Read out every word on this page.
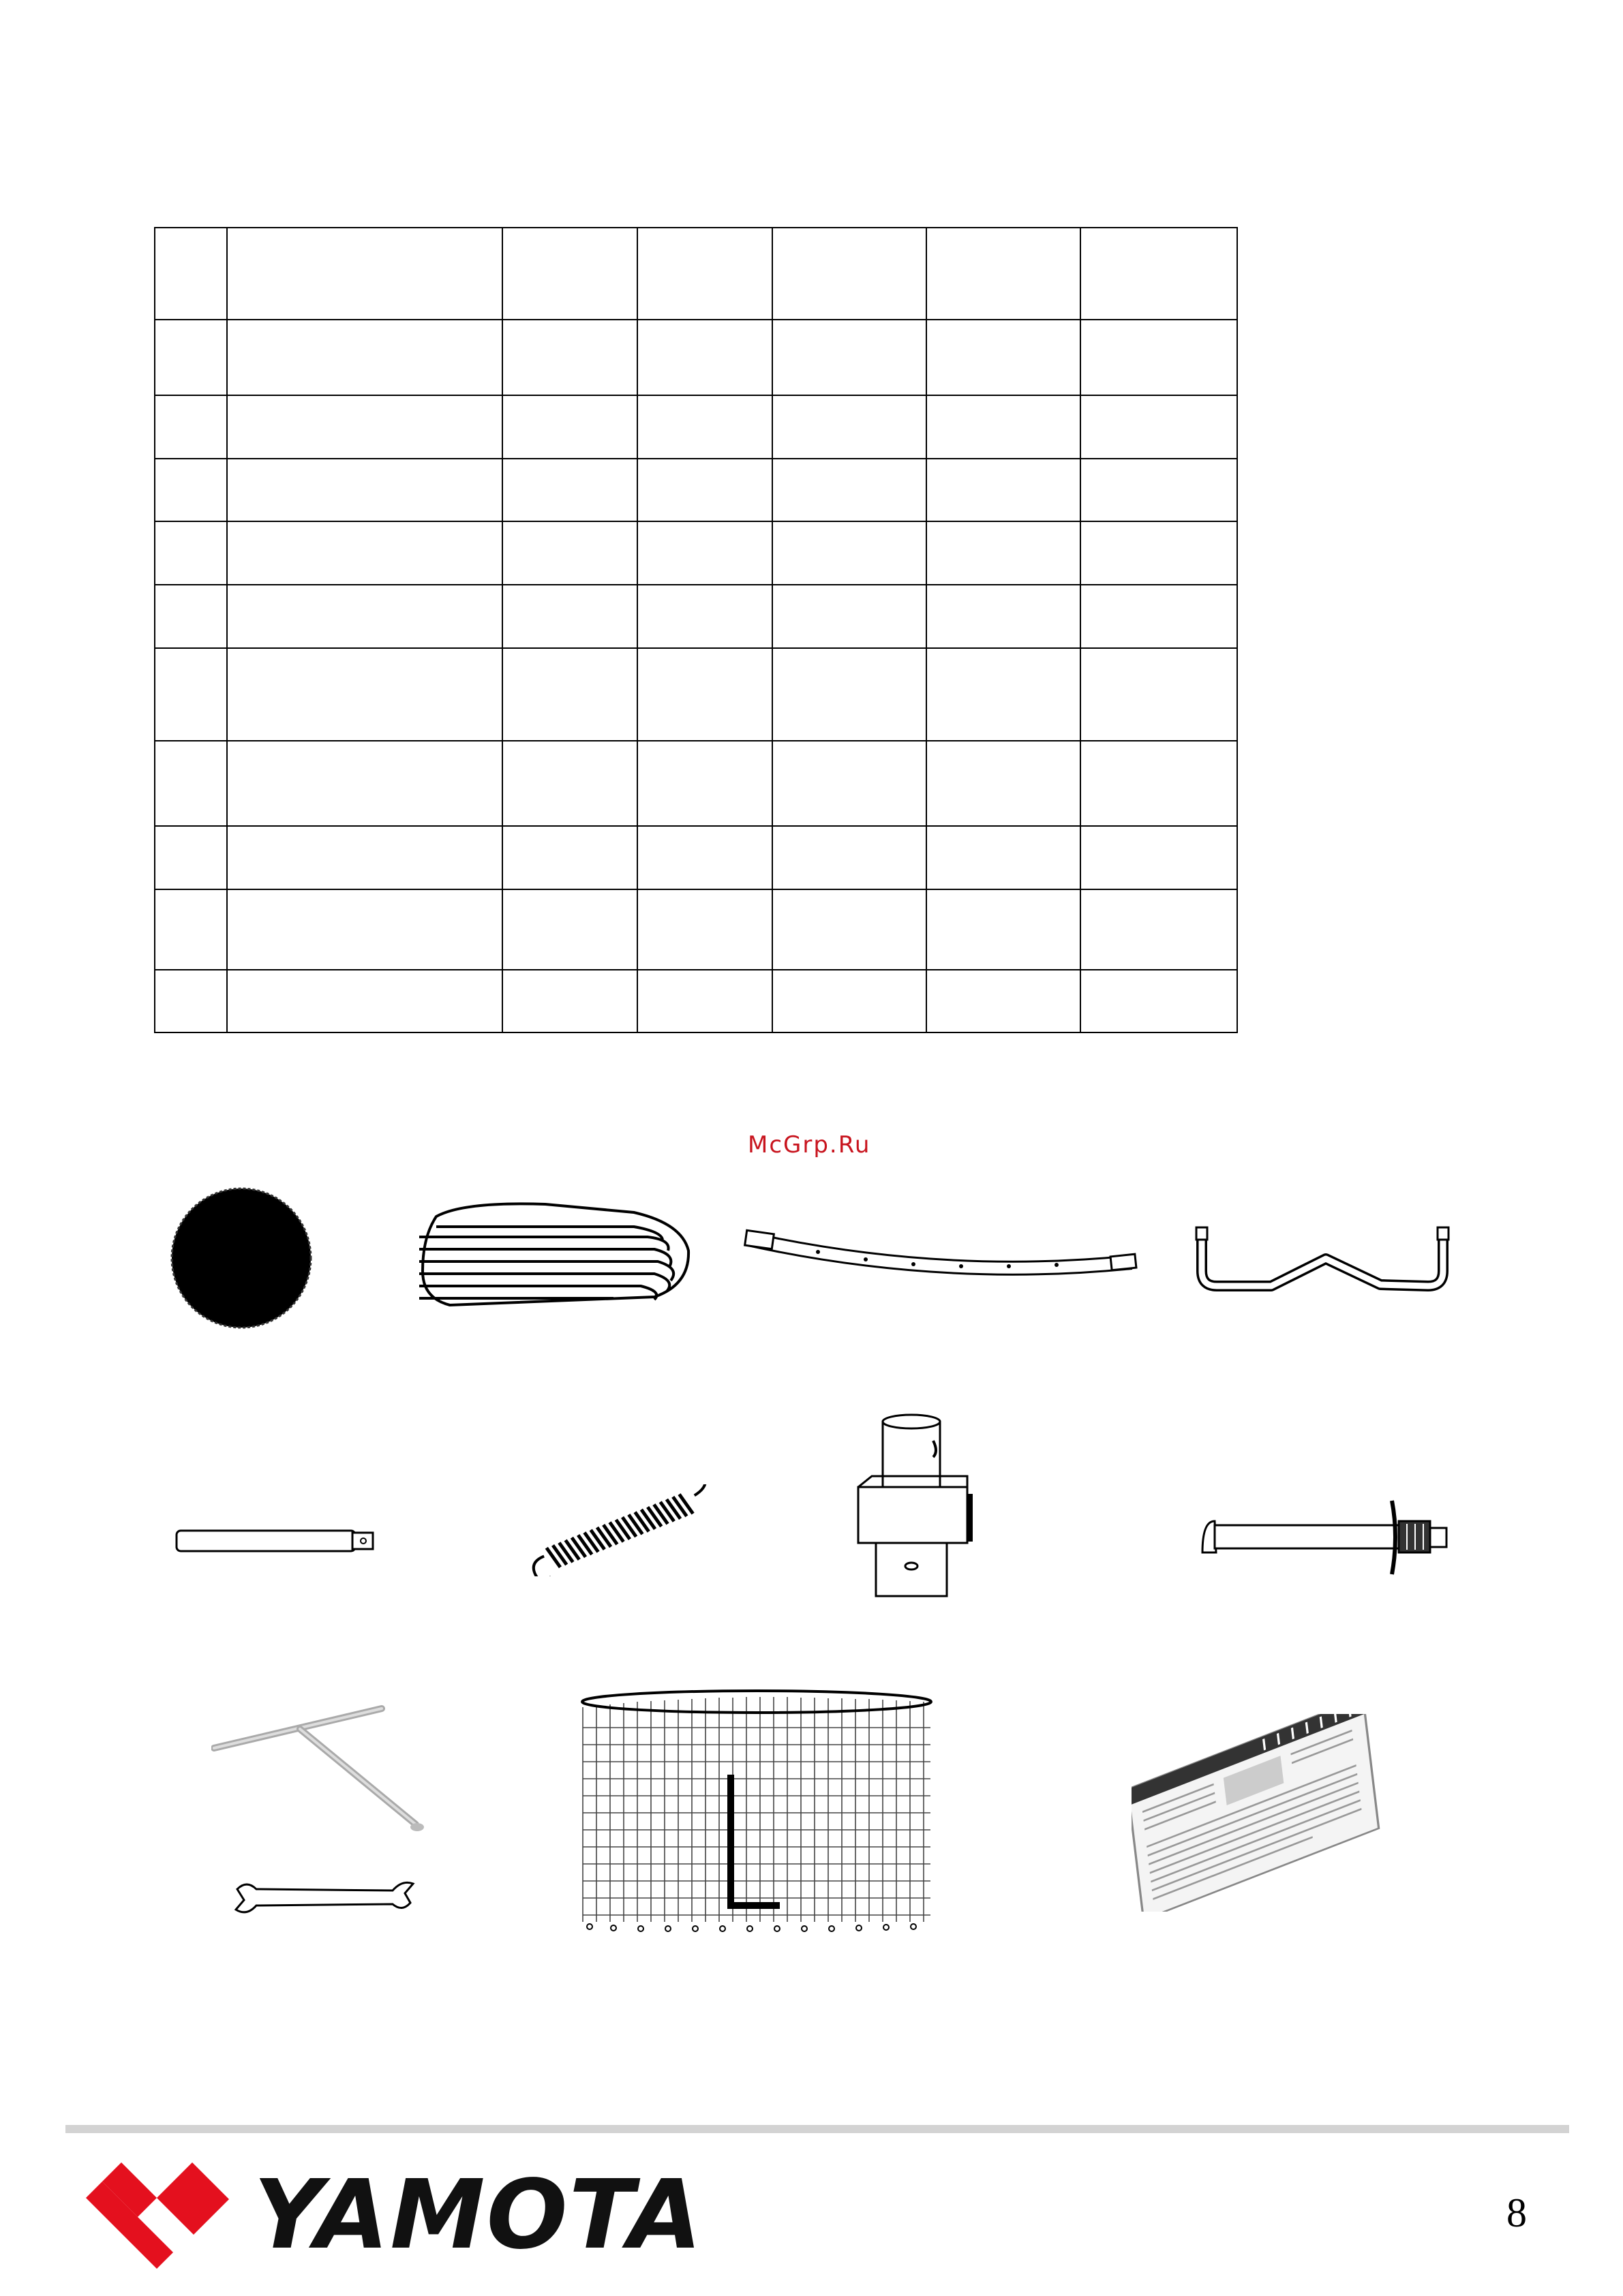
McGrp.Ru
YAMOTA	8
